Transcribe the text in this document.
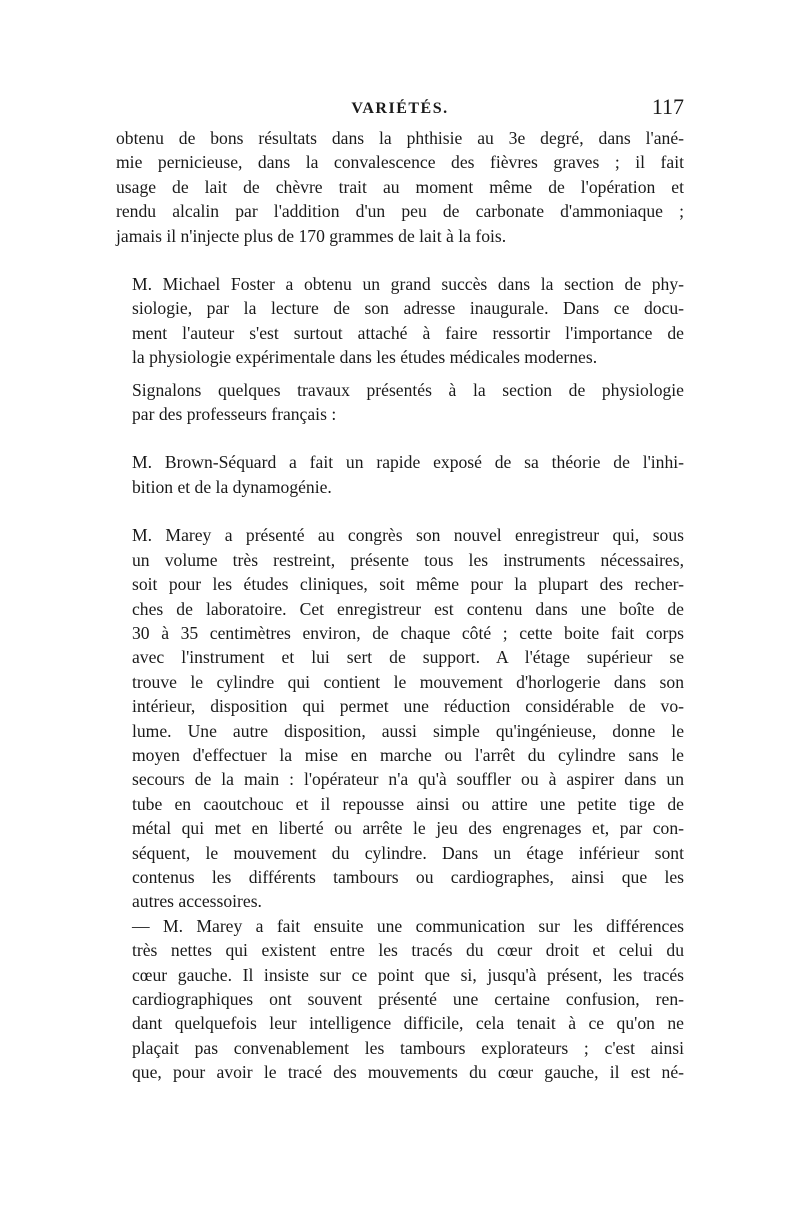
VARIÉTÉS.	117

obtenu de bons résultats dans la phthisie au 3e degré, dans l'ané-
mie pernicieuse, dans la convalescence des fièvres graves ; il fait
usage de lait de chèvre trait au moment même de l'opération et
rendu alcalin par l'addition d'un peu de carbonate d'ammoniaque ;
jamais il n'injecte plus de 170 grammes de lait à la fois.

M. Michael Foster a obtenu un grand succès dans la section de phy-
siologie, par la lecture de son adresse inaugurale. Dans ce docu-
ment l'auteur s'est surtout attaché à faire ressortir l'importance de
la physiologie expérimentale dans les études médicales modernes.

Signalons quelques travaux présentés à la section de physiologie
par des professeurs français :

M. Brown-Séquard a fait un rapide exposé de sa théorie de l'inhi-
bition et de la dynamogénie.

M. Marey a présenté au congrès son nouvel enregistreur qui, sous
un volume très restreint, présente tous les instruments nécessaires,
soit pour les études cliniques, soit même pour la plupart des recher-
ches de laboratoire. Cet enregistreur est contenu dans une boîte de
30 à 35 centimètres environ, de chaque côté ; cette boite fait corps
avec l'instrument et lui sert de support. A l'étage supérieur se
trouve le cylindre qui contient le mouvement d'horlogerie dans son
intérieur, disposition qui permet une réduction considérable de vo-
lume. Une autre disposition, aussi simple qu'ingénieuse, donne le
moyen d'effectuer la mise en marche ou l'arrêt du cylindre sans le
secours de la main : l'opérateur n'a qu'à souffler ou à aspirer dans un
tube en caoutchouc et il repousse ainsi ou attire une petite tige de
métal qui met en liberté ou arrête le jeu des engrenages et, par con-
séquent, le mouvement du cylindre. Dans un étage inférieur sont
contenus les différents tambours ou cardiographes, ainsi que les
autres accessoires.

— M. Marey a fait ensuite une communication sur les différences
très nettes qui existent entre les tracés du cœur droit et celui du
cœur gauche. Il insiste sur ce point que si, jusqu'à présent, les tracés
cardiographiques ont souvent présenté une certaine confusion, ren-
dant quelquefois leur intelligence difficile, cela tenait à ce qu'on ne
plaçait pas convenablement les tambours explorateurs ; c'est ainsi
que, pour avoir le tracé des mouvements du cœur gauche, il est né-
